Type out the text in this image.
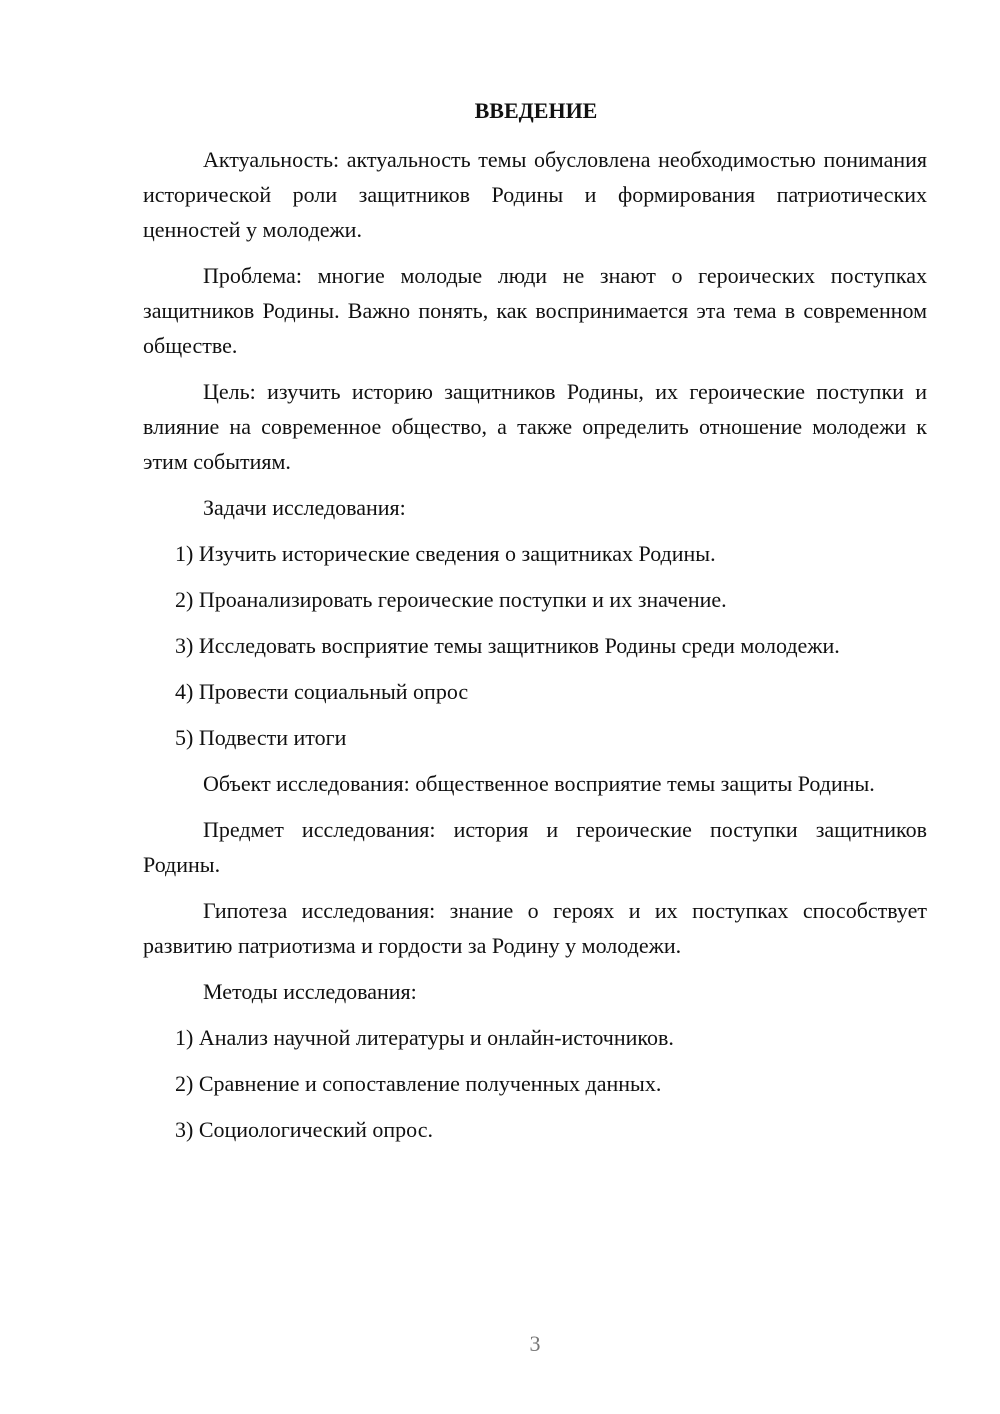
ВВЕДЕНИЕ

Актуальность: актуальность темы обусловлена необходимостью понимания исторической роли защитников Родины и формирования патриотических ценностей у молодежи.

Проблема: многие молодые люди не знают о героических поступках защитников Родины. Важно понять, как воспринимается эта тема в современном обществе.

Цель: изучить историю защитников Родины, их героические поступки и влияние на современное общество, а также определить отношение молодежи к этим событиям.

Задачи исследования:

1) Изучить исторические сведения о защитниках Родины.
2) Проанализировать героические поступки и их значение.
3) Исследовать восприятие темы защитников Родины среди молодежи.
4) Провести социальный опрос
5) Подвести итоги

Объект исследования: общественное восприятие темы защиты Родины.

Предмет исследования: история и героические поступки защитников Родины.

Гипотеза исследования: знание о героях и их поступках способствует развитию патриотизма и гордости за Родину у молодежи.

Методы исследования:

1) Анализ научной литературы и онлайн-источников.
2) Сравнение и сопоставление полученных данных.
3) Социологический опрос.
3
